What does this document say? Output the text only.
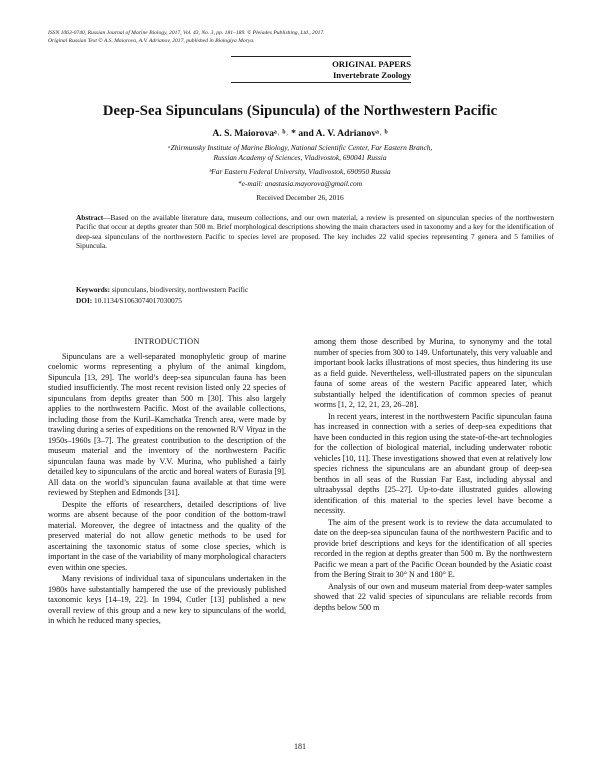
ISSN 1063-0740, Russian Journal of Marine Biology, 2017, Vol. 43, No. 3, pp. 181–189. © Pleiades Publishing, Ltd., 2017.
Original Russian Text © A.S. Maiorova, A.V. Adrianov, 2017, published in Biologiya Morya.
ORIGINAL PAPERS
Invertebrate Zoology
Deep-Sea Sipunculans (Sipuncula) of the Northwestern Pacific
A. S. Maiorovaᵃ˒ ᵇ˒ * and A. V. Adrianovᵃ˒ ᵇ
ᵃZhirmunsky Institute of Marine Biology, National Scientific Center, Far Eastern Branch,
Russian Academy of Sciences, Vladivostok, 690041 Russia
ᵇFar Eastern Federal University, Vladivostok, 690950 Russia
*e-mail: anastasia.mayorova@gmail.com
Received December 26, 2016
Abstract—Based on the available literature data, museum collections, and our own material, a review is presented on sipunculan species of the northwestern Pacific that occur at depths greater than 500 m. Brief morphological descriptions showing the main characters used in taxonomy and a key for the identification of deep-sea sipunculans of the northwestern Pacific to species level are proposed. The key includes 22 valid species representing 7 genera and 5 families of Sipuncula.
Keywords: sipunculans, biodiversity, northwestern Pacific
DOI: 10.1134/S1063074017030075
INTRODUCTION

Sipunculans are a well-separated monophyletic group of marine coelomic worms representing a phylum of the animal kingdom, Sipuncula [13, 29]. The world’s deep-sea sipunculan fauna has been studied insufficiently. The most recent revision listed only 22 species of sipunculans from depths greater than 500 m [30]. This also largely applies to the northwestern Pacific. Most of the available collections, including those from the Kuril–Kamchatka Trench area, were made by trawling during a series of expeditions on the renowned R/V Vityaz in the 1950s–1960s [3–7]. The greatest contribution to the description of the museum material and the inventory of the northwestern Pacific sipunculan fauna was made by V.V. Murina, who published a fairly detailed key to sipunculans of the arctic and boreal waters of Eurasia [9]. All data on the world’s sipunculan fauna available at that time were reviewed by Stephen and Edmonds [31].

Despite the efforts of researchers, detailed descriptions of live worms are absent because of the poor condition of the bottom-trawl material. Moreover, the degree of intactness and the quality of the preserved material do not allow genetic methods to be used for ascertaining the taxonomic status of some close species, which is important in the case of the variability of many morphological characters even within one species.

Many revisions of individual taxa of sipunculans undertaken in the 1980s have substantially hampered the use of the previously published taxonomic keys [14–19, 22]. In 1994, Cutler [13] published a new overall review of this group and a new key to sipunculans of the world, in which he reduced many species,

among them those described by Murina, to synonymy and the total number of species from 300 to 149. Unfortunately, this very valuable and important book lacks illustrations of most species, thus hindering its use as a field guide. Nevertheless, well-illustrated papers on the sipunculan fauna of some areas of the western Pacific appeared later, which substantially helped the identification of common species of peanut worms [1, 2, 12, 21, 23, 26–28].

In recent years, interest in the northwestern Pacific sipunculan fauna has increased in connection with a series of deep-sea expeditions that have been conducted in this region using the state-of-the-art technologies for the collection of biological material, including underwater robotic vehicles [10, 11]. These investigations showed that even at relatively low species richness the sipunculans are an abundant group of deep-sea benthos in all seas of the Russian Far East, including abyssal and ultraabyssal depths [25–27]. Up-to-date illustrated guides allowing identification of this material to the species level have become a necessity.

The aim of the present work is to review the data accumulated to date on the deep-sea sipunculan fauna of the northwestern Pacific and to provide brief descriptions and keys for the identification of all species recorded in the region at depths greater than 500 m. By the northwestern Pacific we mean a part of the Pacific Ocean bounded by the Asiatic coast from the Bering Strait to 30° N and 180° E.

Analysis of our own and museum material from deep-water samples showed that 22 valid species of sipunculans are reliable records from depths below 500 m

181
